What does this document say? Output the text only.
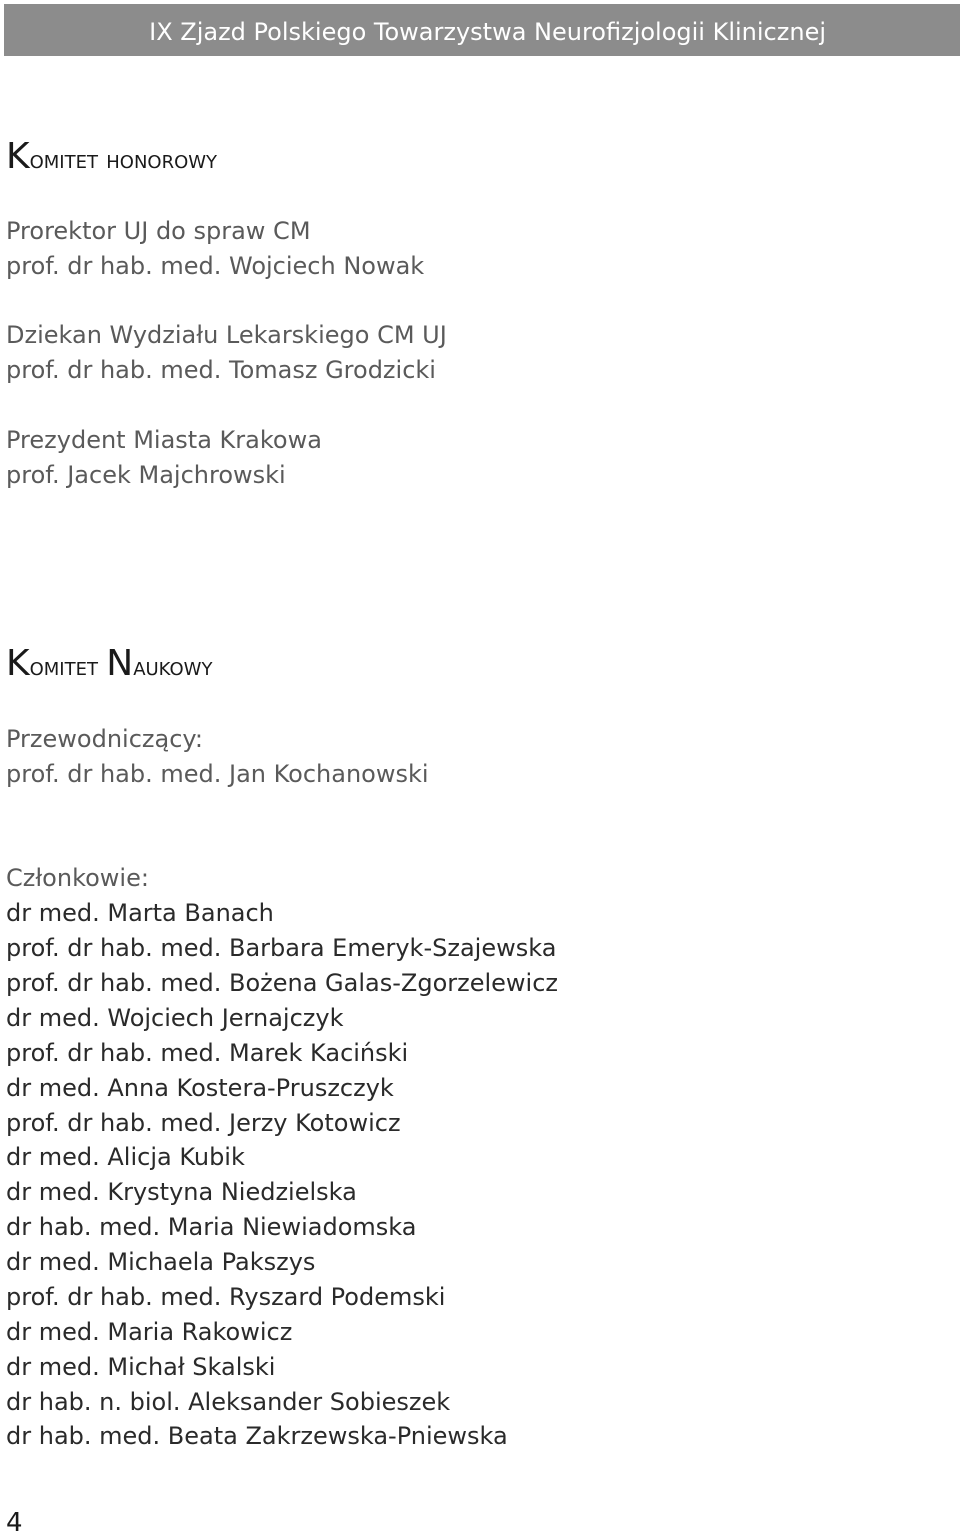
IX Zjazd Polskiego Towarzystwa Neurofizjologii Klinicznej
Komitet honorowy
Prorektor UJ do spraw CM
prof. dr hab. med. Wojciech Nowak
Dziekan Wydziału Lekarskiego CM UJ
prof. dr hab. med. Tomasz Grodzicki
Prezydent Miasta Krakowa
prof. Jacek Majchrowski
Komitet Naukowy
Przewodniczący:
prof. dr hab. med. Jan Kochanowski
Członkowie:
dr med. Marta Banach
prof. dr hab. med. Barbara Emeryk-Szajewska
prof. dr hab. med. Bożena Galas-Zgorzelewicz
dr med. Wojciech Jernajczyk
prof. dr hab. med. Marek Kaciński
dr med. Anna Kostera-Pruszczyk
prof. dr hab. med. Jerzy Kotowicz
dr med. Alicja Kubik
dr med. Krystyna Niedzielska
dr hab. med. Maria Niewiadomska
dr med. Michaela Pakszys
prof. dr hab. med. Ryszard Podemski
dr med. Maria Rakowicz
dr med. Michał Skalski
dr hab. n. biol. Aleksander Sobieszek
dr hab. med. Beata Zakrzewska-Pniewska
4
